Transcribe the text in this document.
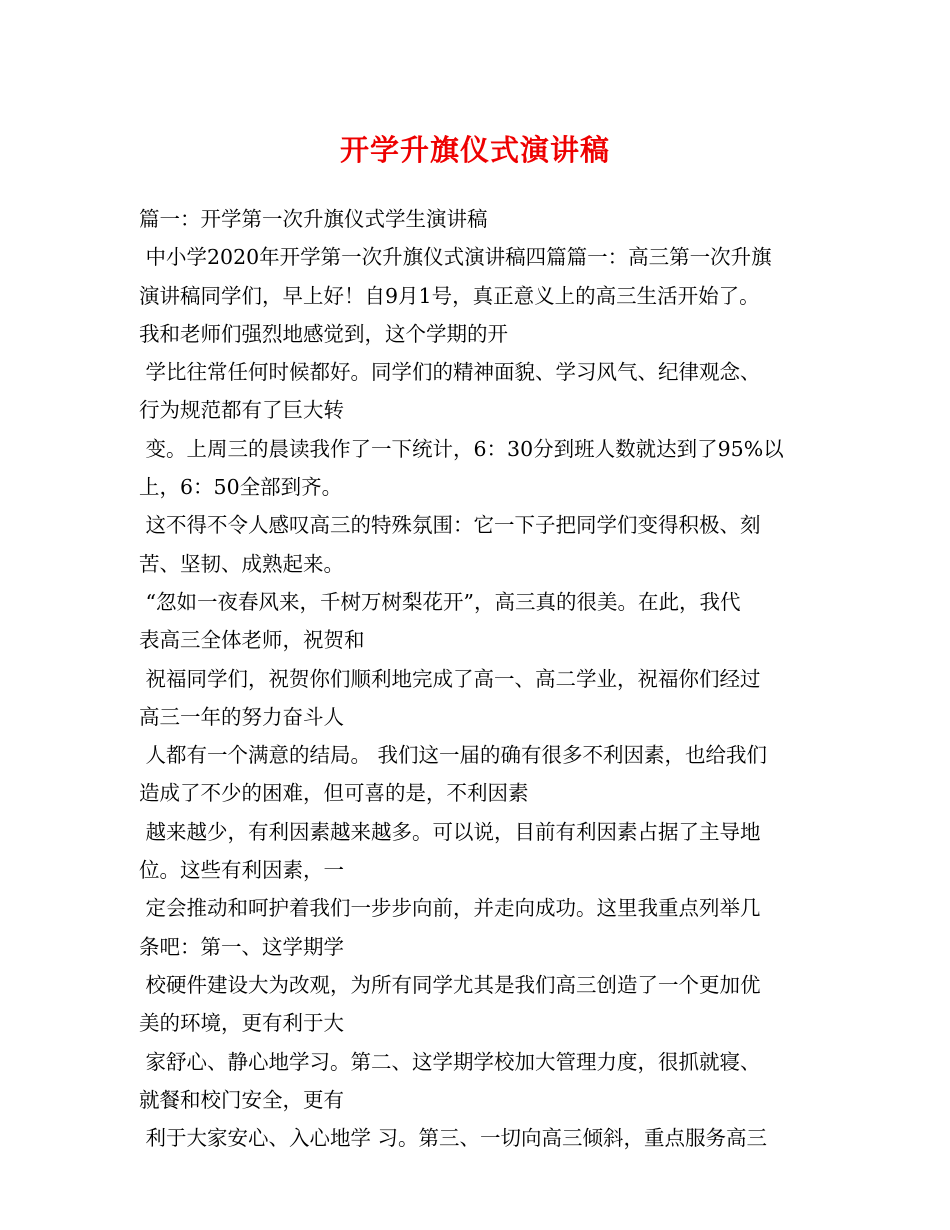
开学升旗仪式演讲稿
篇一：开学第一次升旗仪式学生演讲稿
中小学2020年开学第一次升旗仪式演讲稿四篇篇一：高三第一次升旗
演讲稿同学们，早上好！自9月1号，真正意义上的高三生活开始了。
我和老师们强烈地感觉到，这个学期的开
学比往常任何时候都好。同学们的精神面貌、学习风气、纪律观念、
行为规范都有了巨大转
变。上周三的晨读我作了一下统计，6：30分到班人数就达到了95%以
上，6：50全部到齐。
这不得不令人感叹高三的特殊氛围：它一下子把同学们变得积极、刻
苦、坚韧、成熟起来。
“忽如一夜春风来，千树万树梨花开”，高三真的很美。在此，我代
表高三全体老师，祝贺和
祝福同学们，祝贺你们顺利地完成了高一、高二学业，祝福你们经过
高三一年的努力奋斗人
人都有一个满意的结局。 我们这一届的确有很多不利因素，也给我们
造成了不少的困难，但可喜的是，不利因素
越来越少，有利因素越来越多。可以说，目前有利因素占据了主导地
位。这些有利因素，一
定会推动和呵护着我们一步步向前，并走向成功。这里我重点列举几
条吧：第一、这学期学
校硬件建设大为改观，为所有同学尤其是我们高三创造了一个更加优
美的环境，更有利于大
家舒心、静心地学习。第二、这学期学校加大管理力度，很抓就寝、
就餐和校门安全，更有
利于大家安心、入心地学 习。第三、一切向高三倾斜，重点服务高三
